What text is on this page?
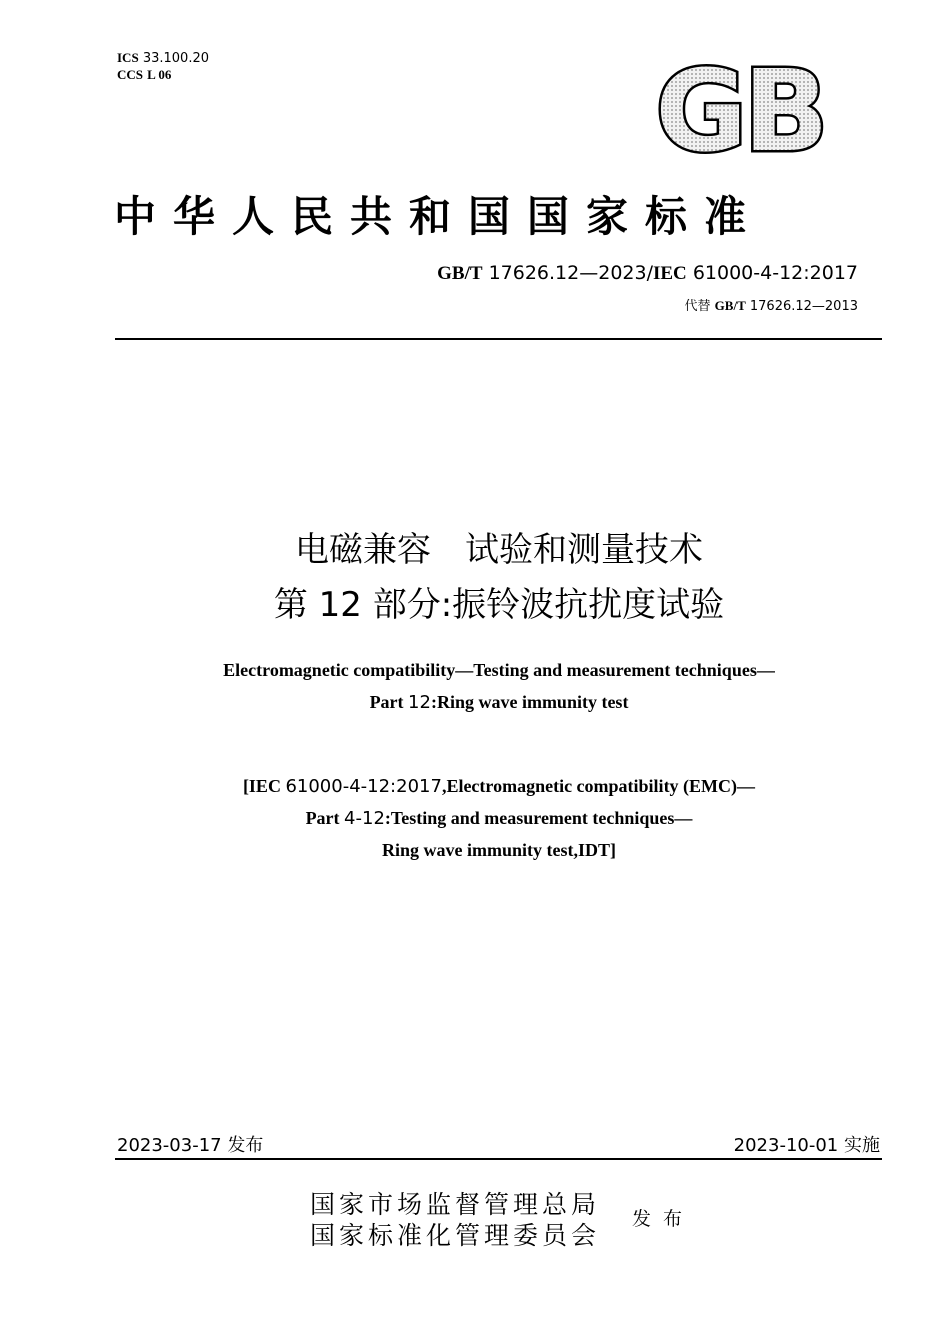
ICS 33.100.20
CCS L 06	GB
中华人民共和国国家标准
GB/T 17626.12—2023/IEC 61000-4-12:2017
代替 GB/T 17626.12—2013
电磁兼容　试验和测量技术
第 12 部分:振铃波抗扰度试验
Electromagnetic compatibility—Testing and measurement techniques—
Part 12:Ring wave immunity test
[IEC 61000-4-12:2017,Electromagnetic compatibility (EMC)—
Part 4-12:Testing and measurement techniques—
Ring wave immunity test,IDT]
2023-03-17 发布	2023-10-01 实施
国家市场监督管理总局
国家标准化管理委员会
发布
